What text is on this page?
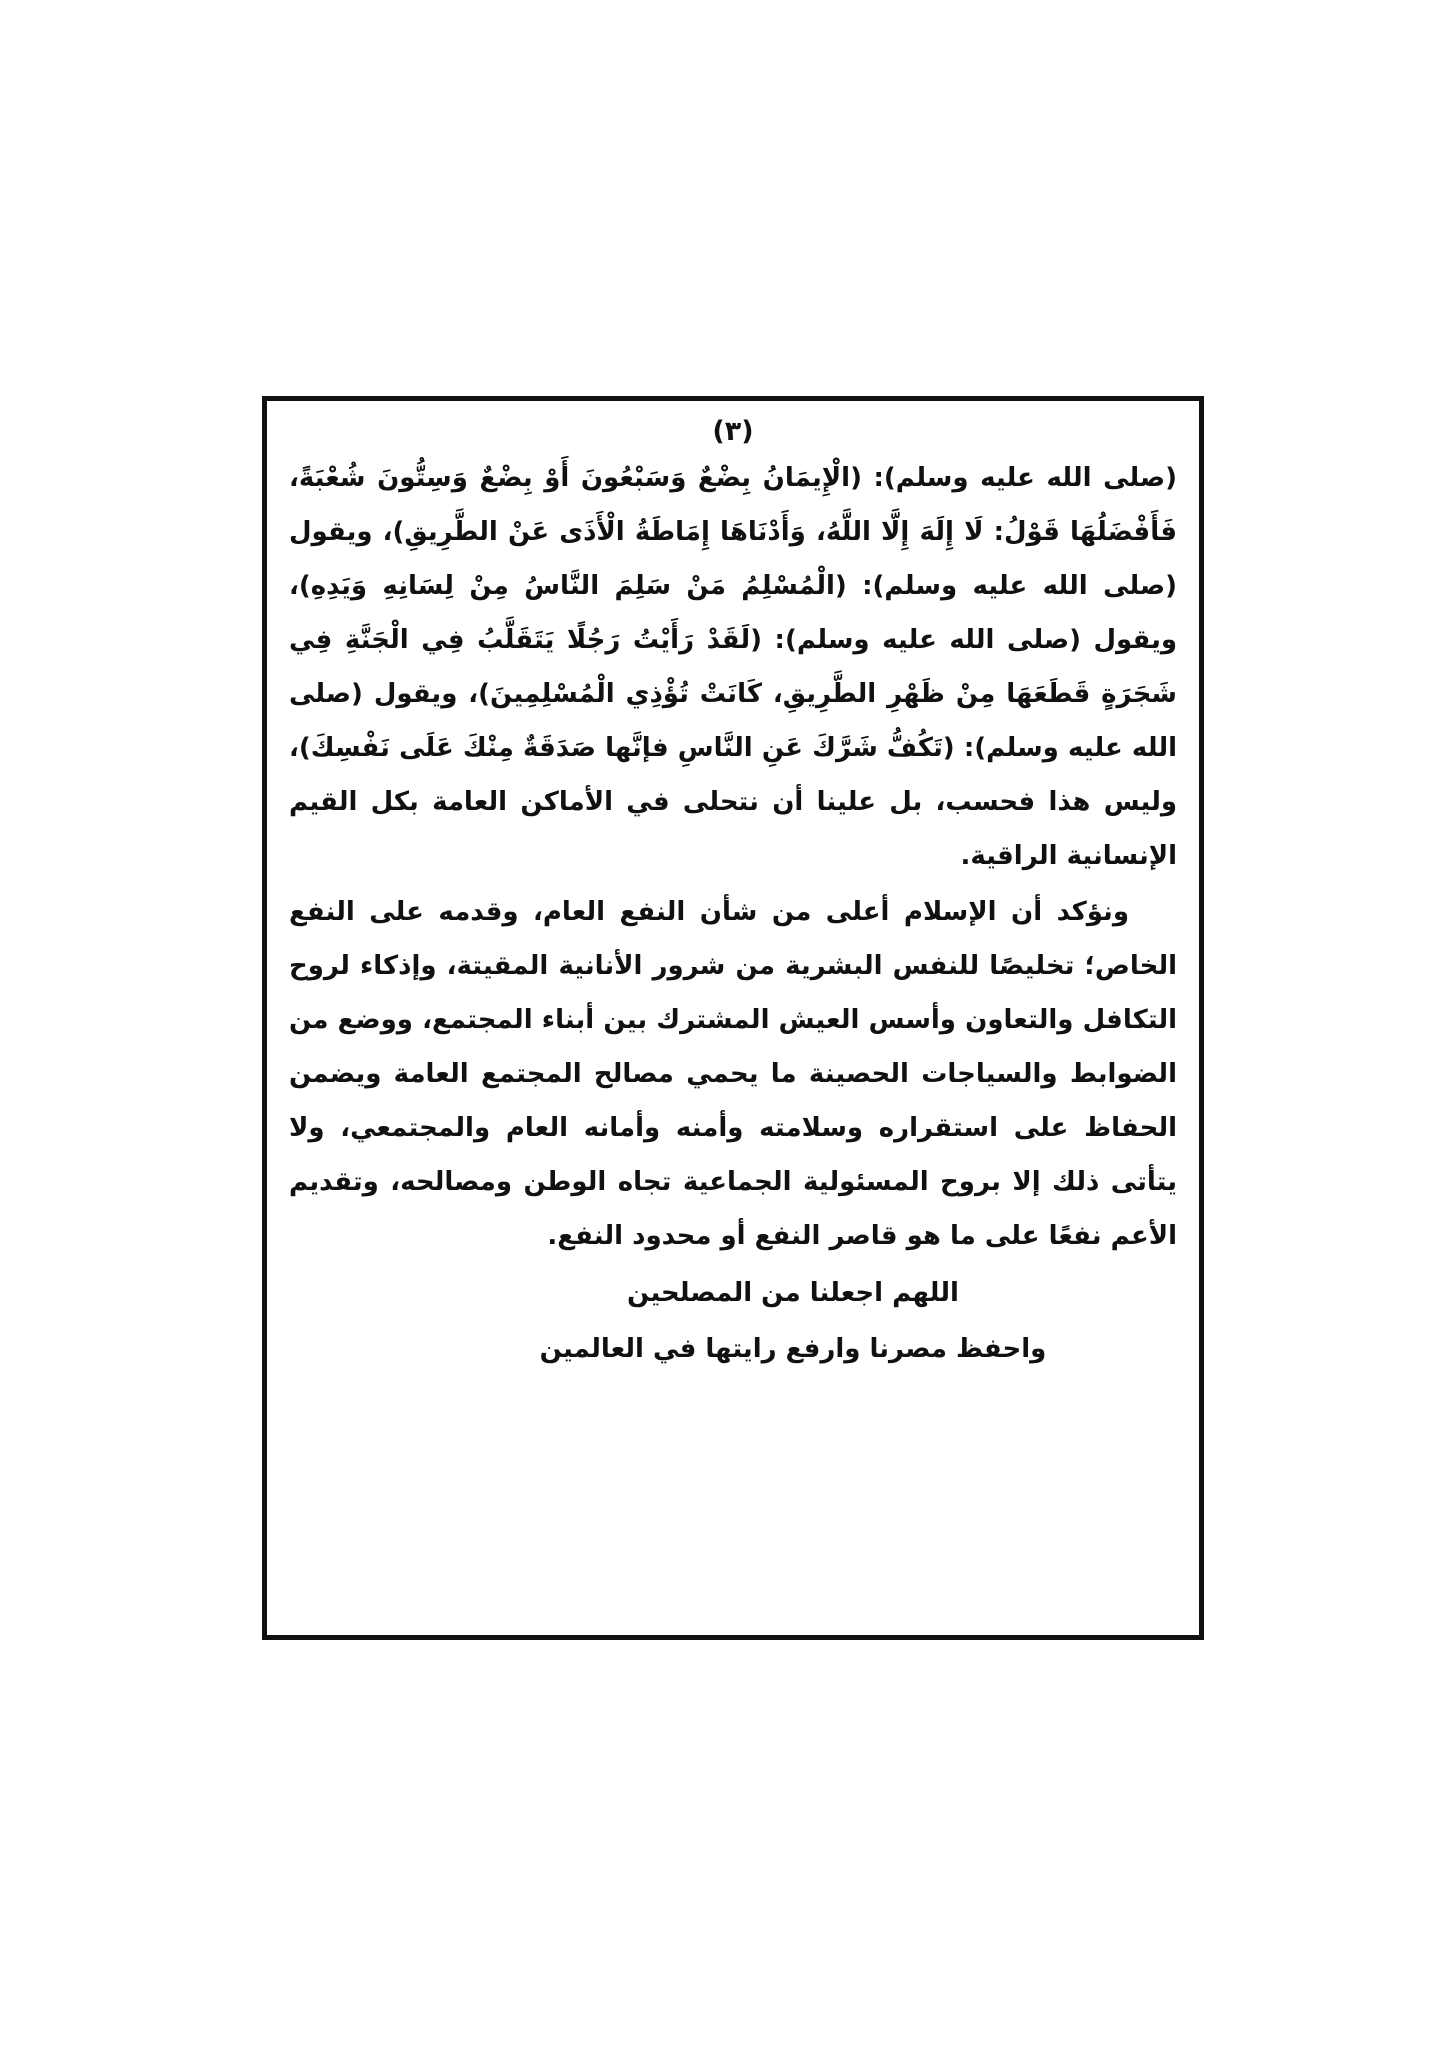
(٣)

(صلى الله عليه وسلم): (الْإِيمَانُ بِضْعٌ وَسَبْعُونَ أَوْ بِضْعٌ وَسِتُّونَ شُعْبَةً، فَأَفْضَلُهَا قَوْلُ: لَا إِلَهَ إِلَّا اللَّهُ، وَأَدْنَاهَا إِمَاطَةُ الْأَذَى عَنْ الطَّرِيقِ)، ويقول (صلى الله عليه وسلم): (الْمُسْلِمُ مَنْ سَلِمَ النَّاسُ مِنْ لِسَانِهِ وَيَدِهِ)، ويقول (صلى الله عليه وسلم): (لَقَدْ رَأَيْتُ رَجُلًا يَتَقَلَّبُ فِي الْجَنَّةِ فِي شَجَرَةٍ قَطَعَهَا مِنْ ظَهْرِ الطَّرِيقِ، كَانَتْ تُؤْذِي الْمُسْلِمِينَ)، ويقول (صلى الله عليه وسلم): (تَكُفُّ شَرَّكَ عَنِ النَّاسِ فإنَّها صَدَقَةٌ مِنْكَ عَلَى نَفْسِكَ)، وليس هذا فحسب، بل علينا أن نتحلى في الأماكن العامة بكل القيم الإنسانية الراقية.

ونؤكد أن الإسلام أعلى من شأن النفع العام، وقدمه على النفع الخاص؛ تخليصًا للنفس البشرية من شرور الأنانية المقيتة، وإذكاء لروح التكافل والتعاون وأسس العيش المشترك بين أبناء المجتمع، ووضع من الضوابط والسياجات الحصينة ما يحمي مصالح المجتمع العامة ويضمن الحفاظ على استقراره وسلامته وأمنه وأمانه العام والمجتمعي، ولا يتأتى ذلك إلا بروح المسئولية الجماعية تجاه الوطن ومصالحه، وتقديم الأعم نفعًا على ما هو قاصر النفع أو محدود النفع.

اللهم اجعلنا من المصلحين
واحفظ مصرنا وارفع رايتها في العالمين
